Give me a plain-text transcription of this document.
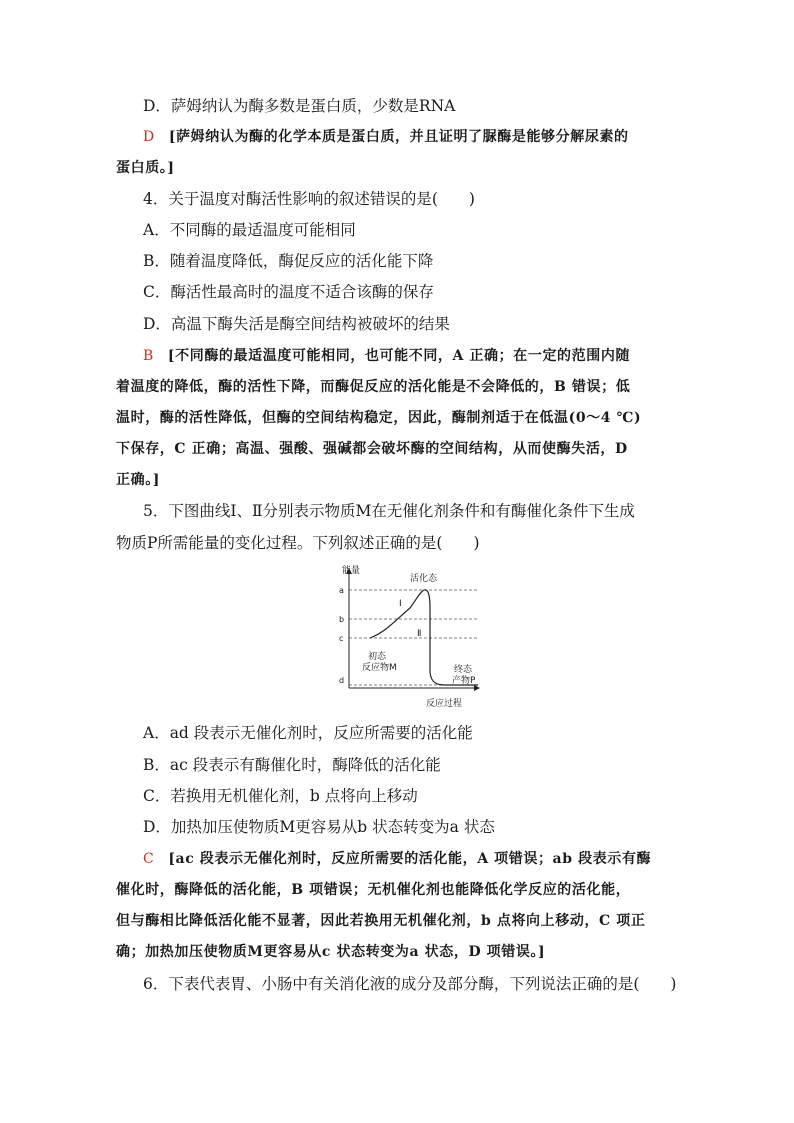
D．萨姆纳认为酶多数是蛋白质，少数是RNA
D [萨姆纳认为酶的化学本质是蛋白质，并且证明了脲酶是能够分解尿素的
蛋白质。]
4．关于温度对酶活性影响的叙述错误的是(　　)
A．不同酶的最适温度可能相同
B．随着温度降低，酶促反应的活化能下降
C．酶活性最高时的温度不适合该酶的保存
D．高温下酶失活是酶空间结构被破坏的结果
B [不同酶的最适温度可能相同，也可能不同，A 正确；在一定的范围内随
着温度的降低，酶的活性下降，而酶促反应的活化能是不会降低的，B 错误；低
温时，酶的活性降低，但酶的空间结构稳定，因此，酶制剂适于在低温(0～4 ℃)
下保存，C 正确；高温、强酸、强碱都会破坏酶的空间结构，从而使酶失活，D
正确。]
5．下图曲线Ⅰ、Ⅱ分别表示物质M在无催化剂条件和有酶催化条件下生成
物质P所需能量的变化过程。下列叙述正确的是(　　)
能量
a
b
c
d
活化态
Ⅰ
Ⅱ
初态
反应物M	终态
产物P
反应过程
A．ad 段表示无催化剂时，反应所需要的活化能
B．ac 段表示有酶催化时，酶降低的活化能
C．若换用无机催化剂，b 点将向上移动
D．加热加压使物质M更容易从b 状态转变为a 状态
C [ac 段表示无催化剂时，反应所需要的活化能，A 项错误；ab 段表示有酶
催化时，酶降低的活化能，B 项错误；无机催化剂也能降低化学反应的活化能，
但与酶相比降低活化能不显著，因此若换用无机催化剂，b 点将向上移动，C 项正
确；加热加压使物质M更容易从c 状态转变为a 状态，D 项错误。]
6．下表代表胃、小肠中有关消化液的成分及部分酶，下列说法正确的是(　　)
